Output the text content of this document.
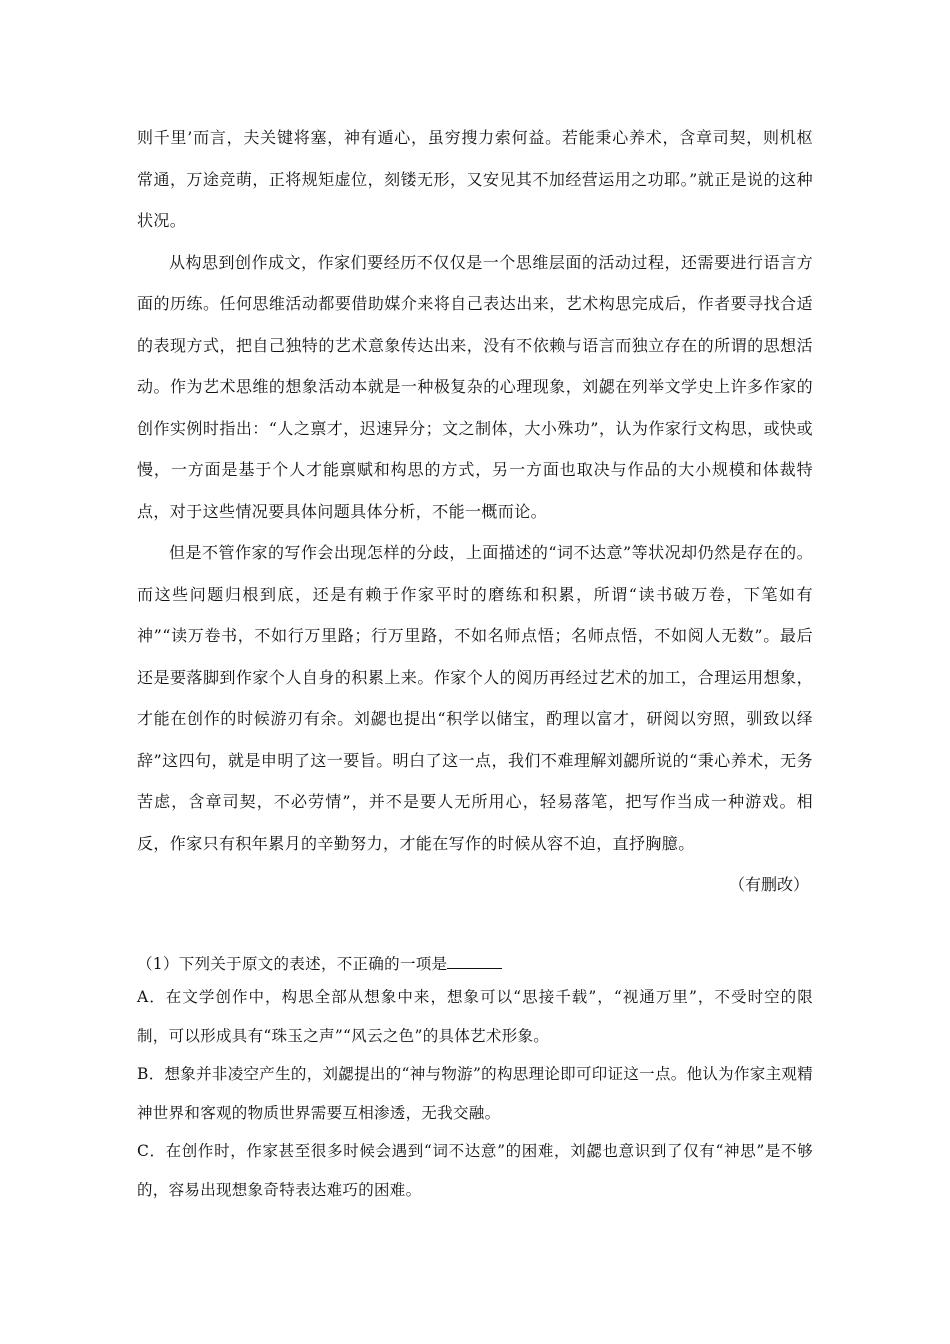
则千里’而言，夫关键将塞，神有遁心，虽穷搜力索何益。若能秉心养术，含章司契，则机枢常通，万途竞萌，正将规矩虚位，刻镂无形，又安见其不加经营运用之功耶。”就正是说的这种状况。

从构思到创作成文，作家们要经历不仅仅是一个思维层面的活动过程，还需要进行语言方面的历练。任何思维活动都要借助媒介来将自己表达出来，艺术构思完成后，作者要寻找合适的表现方式，把自己独特的艺术意象传达出来，没有不依赖与语言而独立存在的所谓的思想活动。作为艺术思维的想象活动本就是一种极复杂的心理现象，刘勰在列举文学史上许多作家的创作实例时指出：“人之禀才，迟速异分；文之制体，大小殊功”，认为作家行文构思，或快或慢，一方面是基于个人才能禀赋和构思的方式，另一方面也取决与作品的大小规模和体裁特点，对于这些情况要具体问题具体分析，不能一概而论。

但是不管作家的写作会出现怎样的分歧，上面描述的“词不达意”等状况却仍然是存在的。而这些问题归根到底，还是有赖于作家平时的磨练和积累，所谓“读书破万卷，下笔如有神”“读万卷书，不如行万里路；行万里路，不如名师点悟；名师点悟，不如阅人无数”。最后还是要落脚到作家个人自身的积累上来。作家个人的阅历再经过艺术的加工，合理运用想象，才能在创作的时候游刃有余。刘勰也提出“积学以储宝，酌理以富才，研阅以穷照，驯致以绎辞”这四句，就是申明了这一要旨。明白了这一点，我们不难理解刘勰所说的“秉心养术，无务苦虑，含章司契，不必劳情”，并不是要人无所用心，轻易落笔，把写作当成一种游戏。相反，作家只有积年累月的辛勤努力，才能在写作的时候从容不迫，直抒胸臆。

（有删改）

（1）下列关于原文的表述，不正确的一项是

A．在文学创作中，构思全部从想象中来，想象可以“思接千载”，“视通万里”，不受时空的限制，可以形成具有“珠玉之声”“风云之色”的具体艺术形象。

B．想象并非凌空产生的，刘勰提出的“神与物游”的构思理论即可印证这一点。他认为作家主观精神世界和客观的物质世界需要互相渗透，无我交融。

C．在创作时，作家甚至很多时候会遇到“词不达意”的困难，刘勰也意识到了仅有“神思”是不够的，容易出现想象奇特表达难巧的困难。
